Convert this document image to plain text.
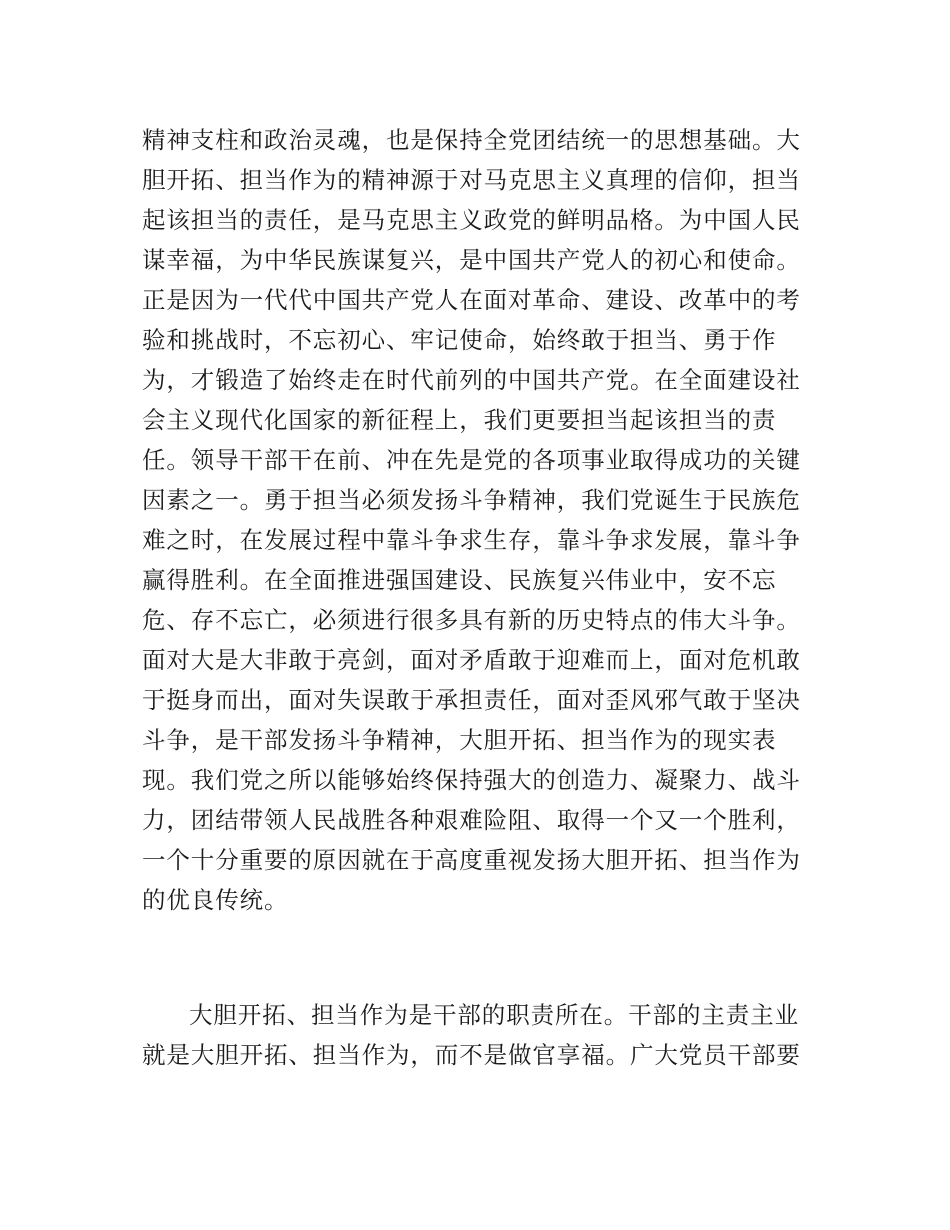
精神支柱和政治灵魂，也是保持全党团结统一的思想基础。大
胆开拓、担当作为的精神源于对马克思主义真理的信仰，担当
起该担当的责任，是马克思主义政党的鲜明品格。为中国人民
谋幸福，为中华民族谋复兴，是中国共产党人的初心和使命。
正是因为一代代中国共产党人在面对革命、建设、改革中的考
验和挑战时，不忘初心、牢记使命，始终敢于担当、勇于作
为，才锻造了始终走在时代前列的中国共产党。在全面建设社
会主义现代化国家的新征程上，我们更要担当起该担当的责
任。领导干部干在前、冲在先是党的各项事业取得成功的关键
因素之一。勇于担当必须发扬斗争精神，我们党诞生于民族危
难之时，在发展过程中靠斗争求生存，靠斗争求发展，靠斗争
赢得胜利。在全面推进强国建设、民族复兴伟业中，安不忘
危、存不忘亡，必须进行很多具有新的历史特点的伟大斗争。
面对大是大非敢于亮剑，面对矛盾敢于迎难而上，面对危机敢
于挺身而出，面对失误敢于承担责任，面对歪风邪气敢于坚决
斗争，是干部发扬斗争精神，大胆开拓、担当作为的现实表
现。我们党之所以能够始终保持强大的创造力、凝聚力、战斗
力，团结带领人民战胜各种艰难险阻、取得一个又一个胜利，
一个十分重要的原因就在于高度重视发扬大胆开拓、担当作为
的优良传统。
大胆开拓、担当作为是干部的职责所在。干部的主责主业
就是大胆开拓、担当作为，而不是做官享福。广大党员干部要
